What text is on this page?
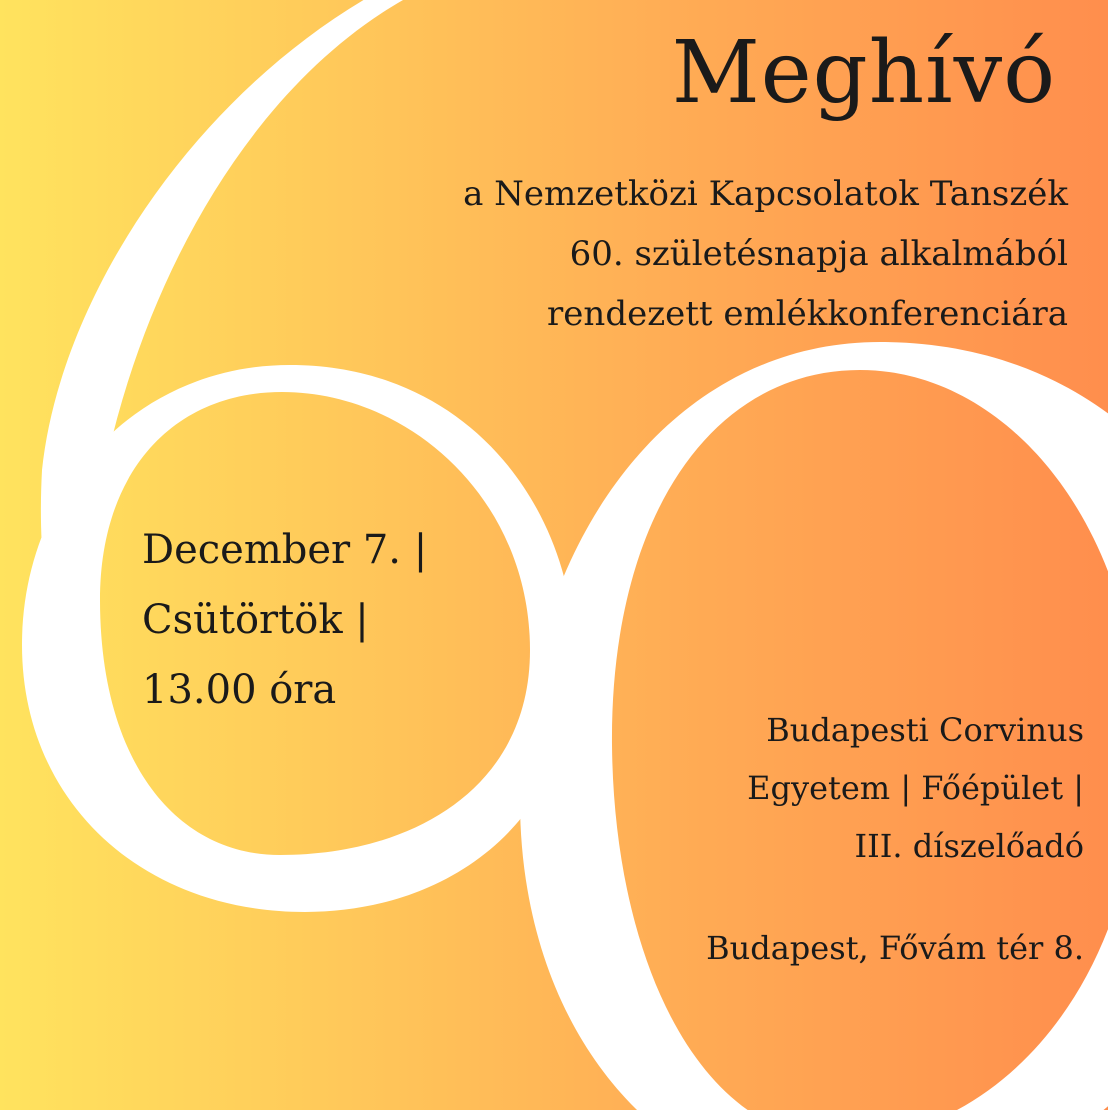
Meghívó
a Nemzetközi Kapcsolatok Tanszék
60. születésnapja alkalmából
rendezett emlékkonferenciára
December 7. |
Csütörtök |
13.00 óra
Budapesti Corvinus
Egyetem | Főépület |
III. díszelőadó
Budapest, Fővám tér 8.
